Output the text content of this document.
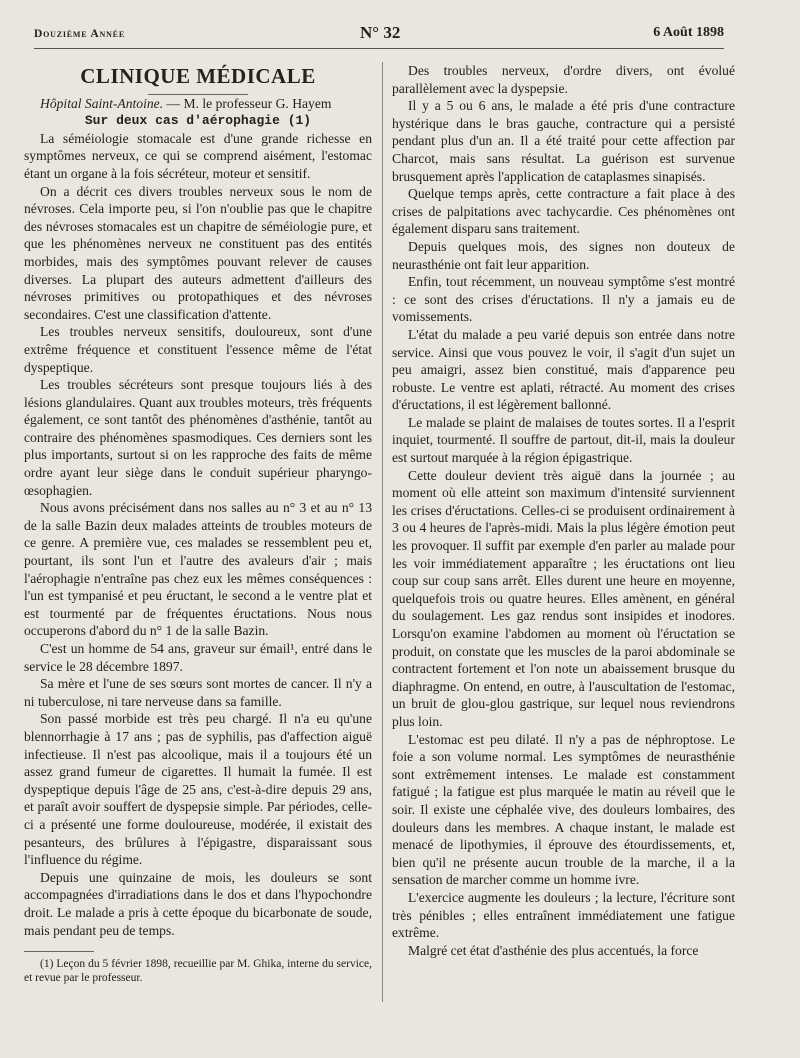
Douzième Année	N° 32	6 Août 1898
CLINIQUE MÉDICALE

Hôpital Saint-Antoine. — M. le professeur G. Hayem

Sur deux cas d'aérophagie (1)

La séméiologie stomacale est d'une grande richesse en symptômes nerveux, ce qui se comprend aisément, l'estomac étant un organe à la fois sécréteur, moteur et sensitif.

On a décrit ces divers troubles nerveux sous le nom de névroses. Cela importe peu, si l'on n'oublie pas que le chapitre des névroses stomacales est un chapitre de séméiologie pure, et que les phénomènes nerveux ne constituent pas des entités morbides, mais des symptômes pouvant relever de causes diverses. La plupart des auteurs admettent d'ailleurs des névroses primitives ou protopathiques et des névroses secondaires. C'est une classification d'attente.

Les troubles nerveux sensitifs, douloureux, sont d'une extrême fréquence et constituent l'essence même de l'état dyspeptique.

Les troubles sécréteurs sont presque toujours liés à des lésions glandulaires. Quant aux troubles moteurs, très fréquents également, ce sont tantôt des phénomènes d'asthénie, tantôt au contraire des phénomènes spasmodiques. Ces derniers sont les plus importants, surtout si on les rapproche des faits de même ordre ayant leur siège dans le conduit supérieur pharyngo-œsophagien.

Nous avons précisément dans nos salles au n° 3 et au n° 13 de la salle Bazin deux malades atteints de troubles moteurs de ce genre. A première vue, ces malades se ressemblent peu et, pourtant, ils sont l'un et l'autre des avaleurs d'air ; mais l'aérophagie n'entraîne pas chez eux les mêmes conséquences : l'un est tympanisé et peu éructant, le second a le ventre plat et est tourmenté par de fréquentes éructations. Nous nous occuperons d'abord du n° 1 de la salle Bazin.

C'est un homme de 54 ans, graveur sur émail¹, entré dans le service le 28 décembre 1897.

Sa mère et l'une de ses sœurs sont mortes de cancer. Il n'y a ni tuberculose, ni tare nerveuse dans sa famille.

Son passé morbide est très peu chargé. Il n'a eu qu'une blennorrhagie à 17 ans ; pas de syphilis, pas d'affection aiguë infectieuse. Il n'est pas alcoolique, mais il a toujours été un assez grand fumeur de cigarettes. Il humait la fumée. Il est dyspeptique depuis l'âge de 25 ans, c'est-à-dire depuis 29 ans, et paraît avoir souffert de dyspepsie simple. Par périodes, celle-ci a présenté une forme douloureuse, modérée, il existait des pesanteurs, des brûlures à l'épigastre, disparaissant sous l'influence du régime.

Depuis une quinzaine de mois, les douleurs se sont accompagnées d'irradiations dans le dos et dans l'hypochondre droit. Le malade a pris à cette époque du bicarbonate de soude, mais pendant peu de temps.

(1) Leçon du 5 février 1898, recueillie par M. Ghika, interne du service, et revue par le professeur.

Des troubles nerveux, d'ordre divers, ont évolué parallèlement avec la dyspepsie.

Il y a 5 ou 6 ans, le malade a été pris d'une contracture hystérique dans le bras gauche, contracture qui a persisté pendant plus d'un an. Il a été traité pour cette affection par Charcot, mais sans résultat. La guérison est survenue brusquement après l'application de cataplasmes sinapisés.

Quelque temps après, cette contracture a fait place à des crises de palpitations avec tachycardie. Ces phénomènes ont également disparu sans traitement.

Depuis quelques mois, des signes non douteux de neurasthénie ont fait leur apparition.

Enfin, tout récemment, un nouveau symptôme s'est montré : ce sont des crises d'éructations. Il n'y a jamais eu de vomissements.

L'état du malade a peu varié depuis son entrée dans notre service. Ainsi que vous pouvez le voir, il s'agit d'un sujet un peu amaigri, assez bien constitué, mais d'apparence peu robuste. Le ventre est aplati, rétracté. Au moment des crises d'éructations, il est légèrement ballonné.

Le malade se plaint de malaises de toutes sortes. Il a l'esprit inquiet, tourmenté. Il souffre de partout, dit-il, mais la douleur est surtout marquée à la région épigastrique.

Cette douleur devient très aiguë dans la journée ; au moment où elle atteint son maximum d'intensité surviennent les crises d'éructations. Celles-ci se produisent ordinairement à 3 ou 4 heures de l'après-midi. Mais la plus légère émotion peut les provoquer. Il suffit par exemple d'en parler au malade pour les voir immédiatement apparaître ; les éructations ont lieu coup sur coup sans arrêt. Elles durent une heure en moyenne, quelquefois trois ou quatre heures. Elles amènent, en général du soulagement. Les gaz rendus sont insipides et inodores. Lorsqu'on examine l'abdomen au moment où l'éructation se produit, on constate que les muscles de la paroi abdominale se contractent fortement et l'on note un abaissement brusque du diaphragme. On entend, en outre, à l'auscultation de l'estomac, un bruit de glou-glou gastrique, sur lequel nous reviendrons plus loin.

L'estomac est peu dilaté. Il n'y a pas de néphroptose. Le foie a son volume normal. Les symptômes de neurasthénie sont extrêmement intenses. Le malade est constamment fatigué ; la fatigue est plus marquée le matin au réveil que le soir. Il existe une céphalée vive, des douleurs lombaires, des douleurs dans les membres. A chaque instant, le malade est menacé de lipothymies, il éprouve des étourdissements, et, bien qu'il ne présente aucun trouble de la marche, il a la sensation de marcher comme un homme ivre.

L'exercice augmente les douleurs ; la lecture, l'écriture sont très pénibles ; elles entraînent immédiatement une fatigue extrême.

Malgré cet état d'asthénie des plus accentués, la force
